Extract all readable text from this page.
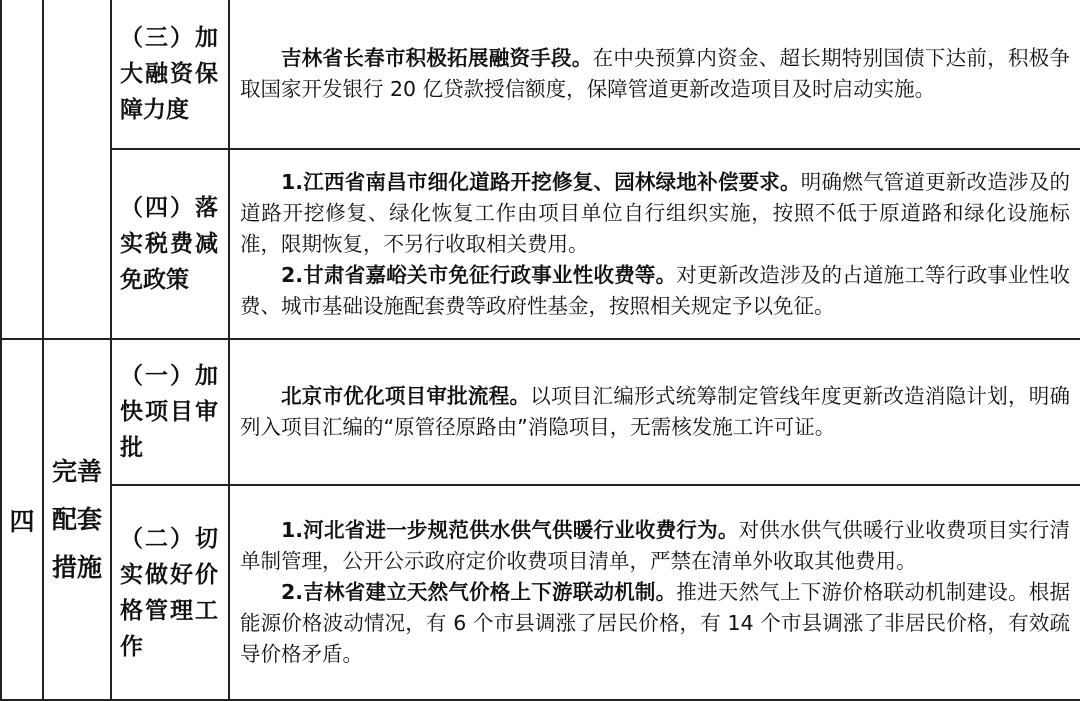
		（三）加大融资保障力度	吉林省长春市积极拓展融资手段。在中央预算内资金、超长期特别国债下达前，积极争取国家开发银行 20 亿贷款授信额度，保障管道更新改造项目及时启动实施。

		（四）落实税费减免政策	1.江西省南昌市细化道路开挖修复、园林绿地补偿要求。明确燃气管道更新改造涉及的道路开挖修复、绿化恢复工作由项目单位自行组织实施，按照不低于原道路和绿化设施标准，限期恢复，不另行收取相关费用。

2.甘肃省嘉峪关市免征行政事业性收费等。对更新改造涉及的占道施工等行政事业性收费、城市基础设施配套费等政府性基金，按照相关规定予以免征。

四	完善配套措施	（一）加快项目审批	北京市优化项目审批流程。以项目汇编形式统筹制定管线年度更新改造消隐计划，明确列入项目汇编的“原管径原路由”消隐项目，无需核发施工许可证。

		（二）切实做好价格管理工作	1.河北省进一步规范供水供气供暖行业收费行为。对供水供气供暖行业收费项目实行清单制管理，公开公示政府定价收费项目清单，严禁在清单外收取其他费用。

2.吉林省建立天然气价格上下游联动机制。推进天然气上下游价格联动机制建设。根据能源价格波动情况，有 6 个市县调涨了居民价格，有 14 个市县调涨了非居民价格，有效疏导价格矛盾。
